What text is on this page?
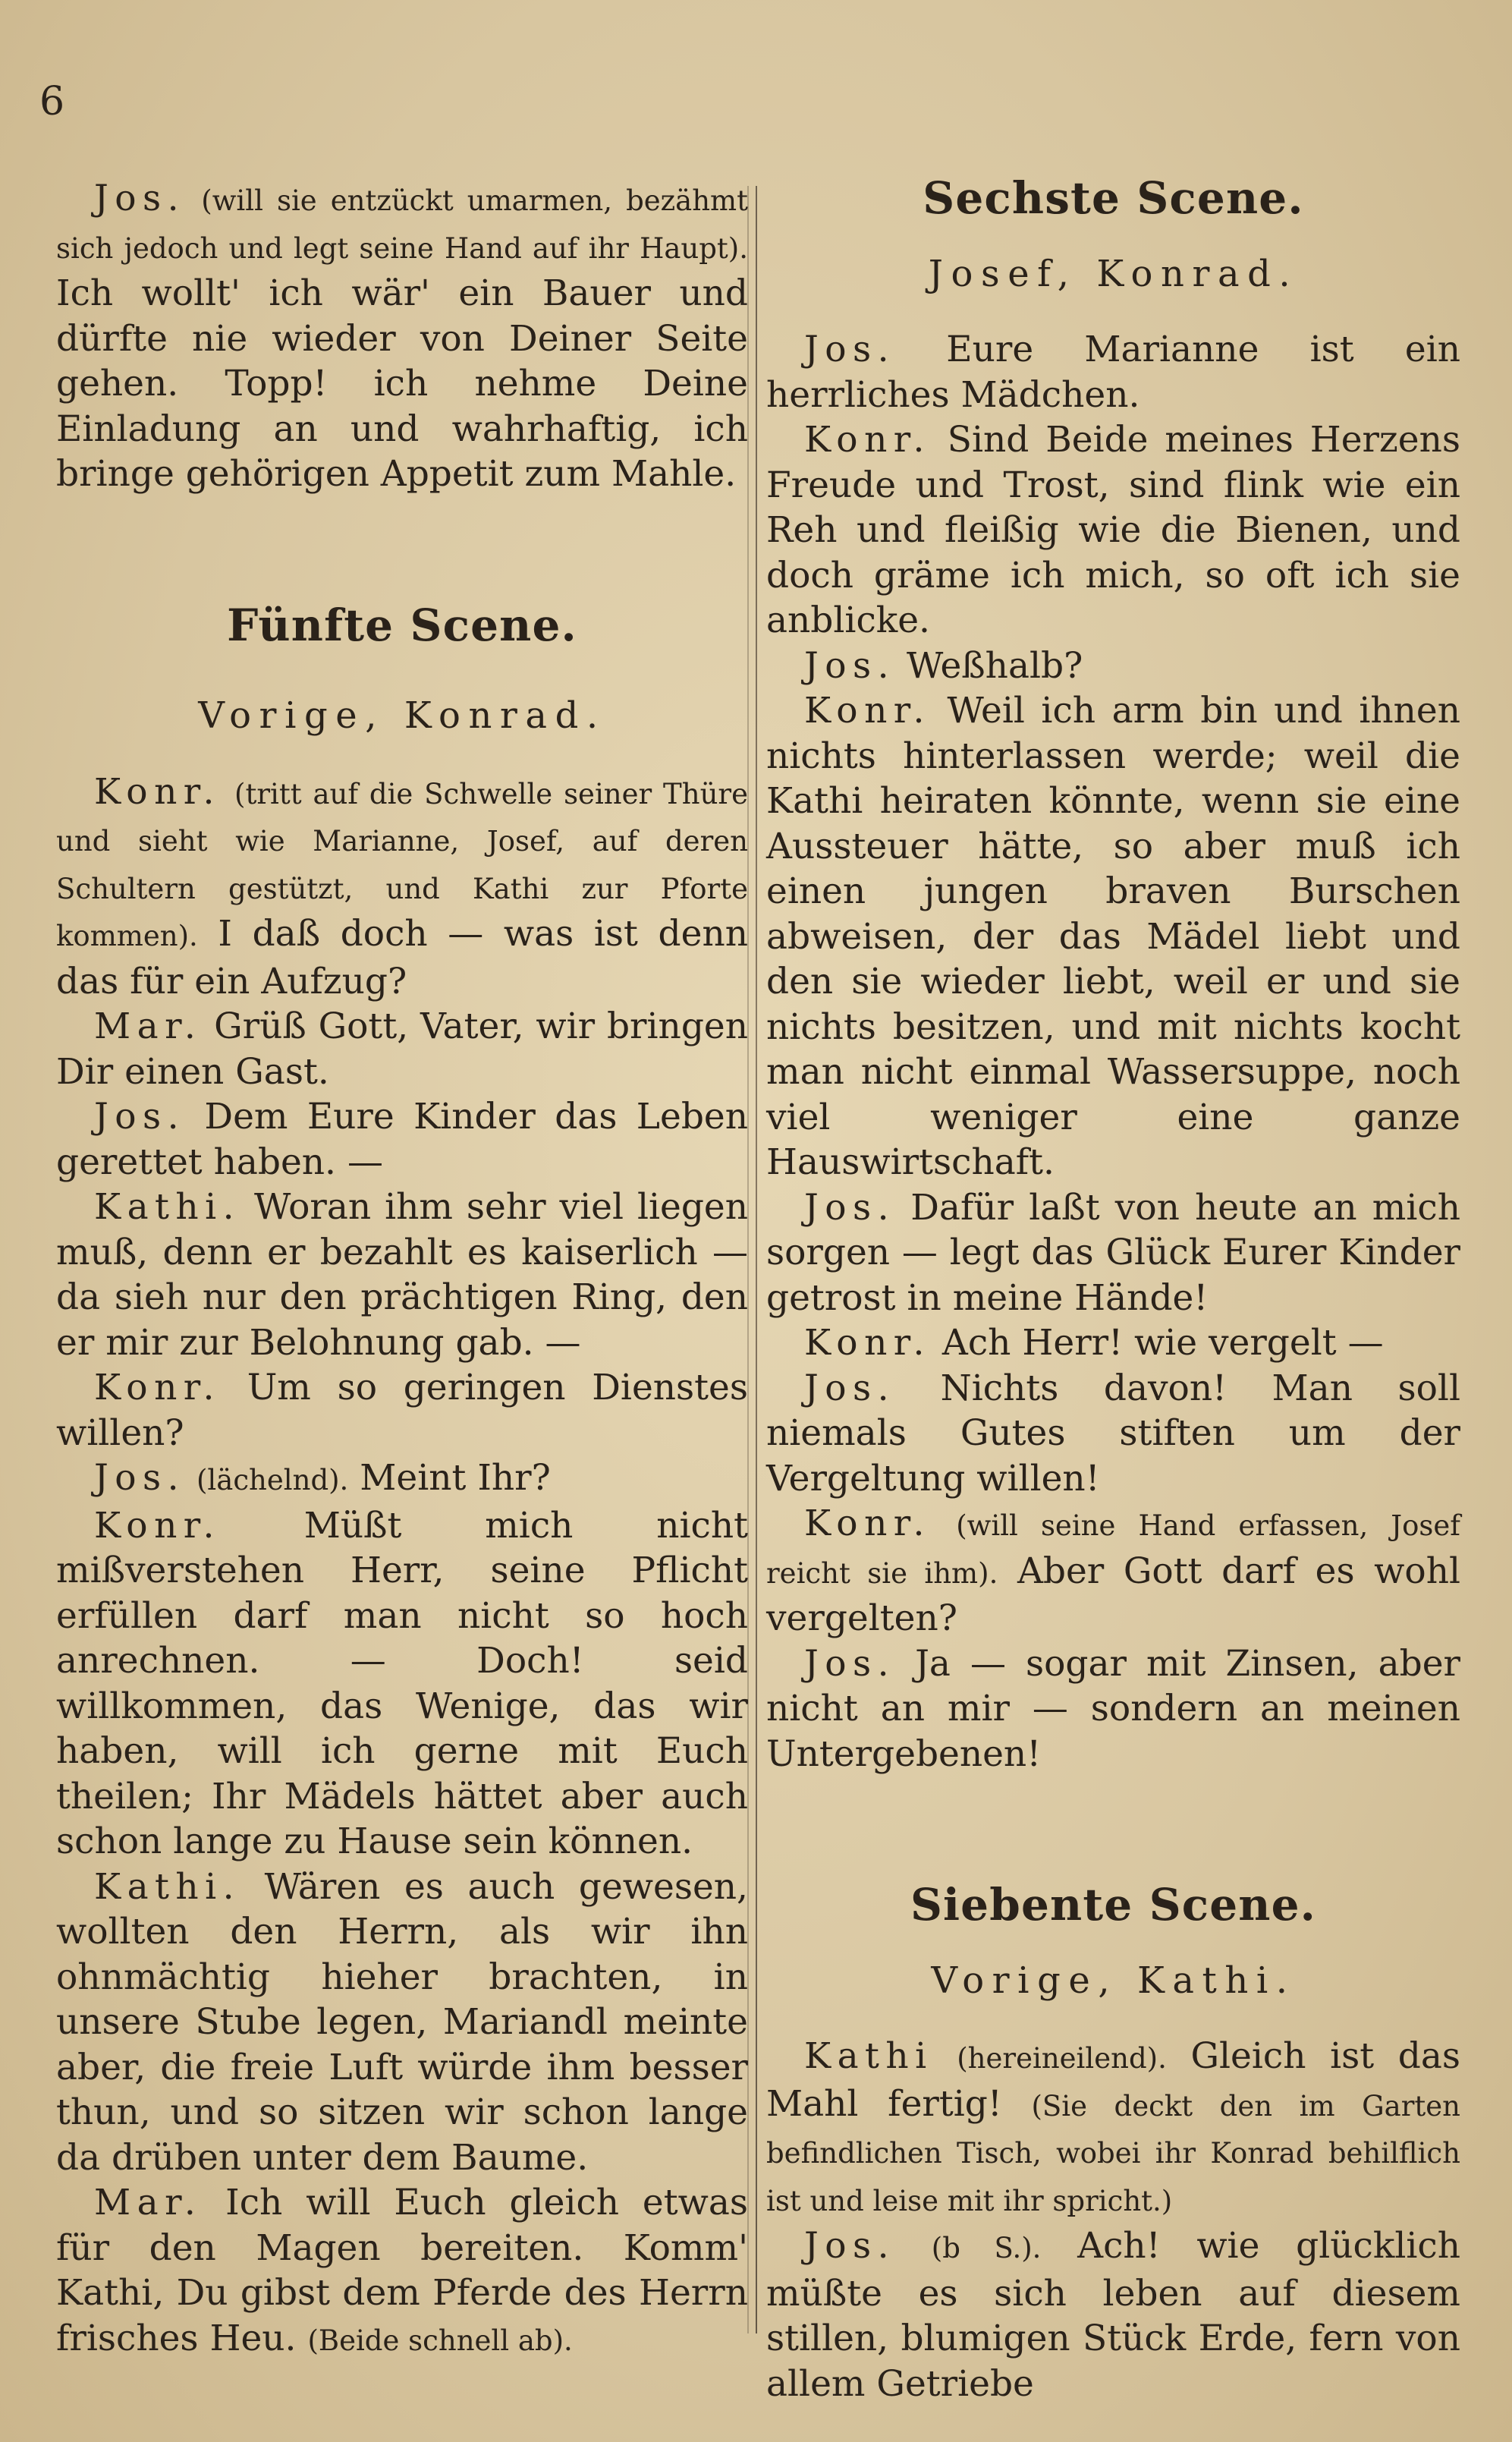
6

Jos. (will sie entzückt umarmen, bezähmt sich jedoch und legt seine Hand auf ihr Haupt). Ich wollt' ich wär' ein Bauer und dürfte nie wieder von Deiner Seite gehen. Topp! ich nehme Deine Einladung an und wahrhaftig, ich bringe gehörigen Appetit zum Mahle.

Fünfte Scene.

Vorige, Konrad.

Konr. (tritt auf die Schwelle seiner Thüre und sieht wie Marianne, Josef, auf deren Schultern gestützt, und Kathi zur Pforte kommen). I daß doch — was ist denn das für ein Aufzug?

Mar. Grüß Gott, Vater, wir bringen Dir einen Gast.

Jos. Dem Eure Kinder das Leben gerettet haben. —

Kathi. Woran ihm sehr viel liegen muß, denn er bezahlt es kaiserlich — da sieh nur den prächtigen Ring, den er mir zur Belohnung gab. —

Konr. Um so geringen Dienstes willen?

Jos. (lächelnd). Meint Ihr?

Konr. Müßt mich nicht mißverstehen Herr, seine Pflicht erfüllen darf man nicht so hoch anrechnen. — Doch! seid willkommen, das Wenige, das wir haben, will ich gerne mit Euch theilen; Ihr Mädels hättet aber auch schon lange zu Hause sein können.

Kathi. Wären es auch gewesen, wollten den Herrn, als wir ihn ohnmächtig hieher brachten, in unsere Stube legen, Mariandl meinte aber, die freie Luft würde ihm besser thun, und so sitzen wir schon lange da drüben unter dem Baume.

Mar. Ich will Euch gleich etwas für den Magen bereiten. Komm' Kathi, Du gibst dem Pferde des Herrn frisches Heu. (Beide schnell ab).

Sechste Scene.

Josef, Konrad.

Jos. Eure Marianne ist ein herrliches Mädchen.

Konr. Sind Beide meines Herzens Freude und Trost, sind flink wie ein Reh und fleißig wie die Bienen, und doch gräme ich mich, so oft ich sie anblicke.

Jos. Weßhalb?

Konr. Weil ich arm bin und ihnen nichts hinterlassen werde; weil die Kathi heiraten könnte, wenn sie eine Aussteuer hätte, so aber muß ich einen jungen braven Burschen abweisen, der das Mädel liebt und den sie wieder liebt, weil er und sie nichts besitzen, und mit nichts kocht man nicht einmal Wassersuppe, noch viel weniger eine ganze Hauswirtschaft.

Jos. Dafür laßt von heute an mich sorgen — legt das Glück Eurer Kinder getrost in meine Hände!

Konr. Ach Herr! wie vergelt —

Jos. Nichts davon! Man soll niemals Gutes stiften um der Vergeltung willen!

Konr. (will seine Hand erfassen, Josef reicht sie ihm). Aber Gott darf es wohl vergelten?

Jos. Ja — sogar mit Zinsen, aber nicht an mir — sondern an meinen Untergebenen!

Siebente Scene.

Vorige, Kathi.

Kathi (hereineilend). Gleich ist das Mahl fertig! (Sie deckt den im Garten befindlichen Tisch, wobei ihr Konrad behilflich ist und leise mit ihr spricht.)

Jos. (b S.). Ach! wie glücklich müßte es sich leben auf diesem stillen, blumigen Stück Erde, fern von allem Getriebe
